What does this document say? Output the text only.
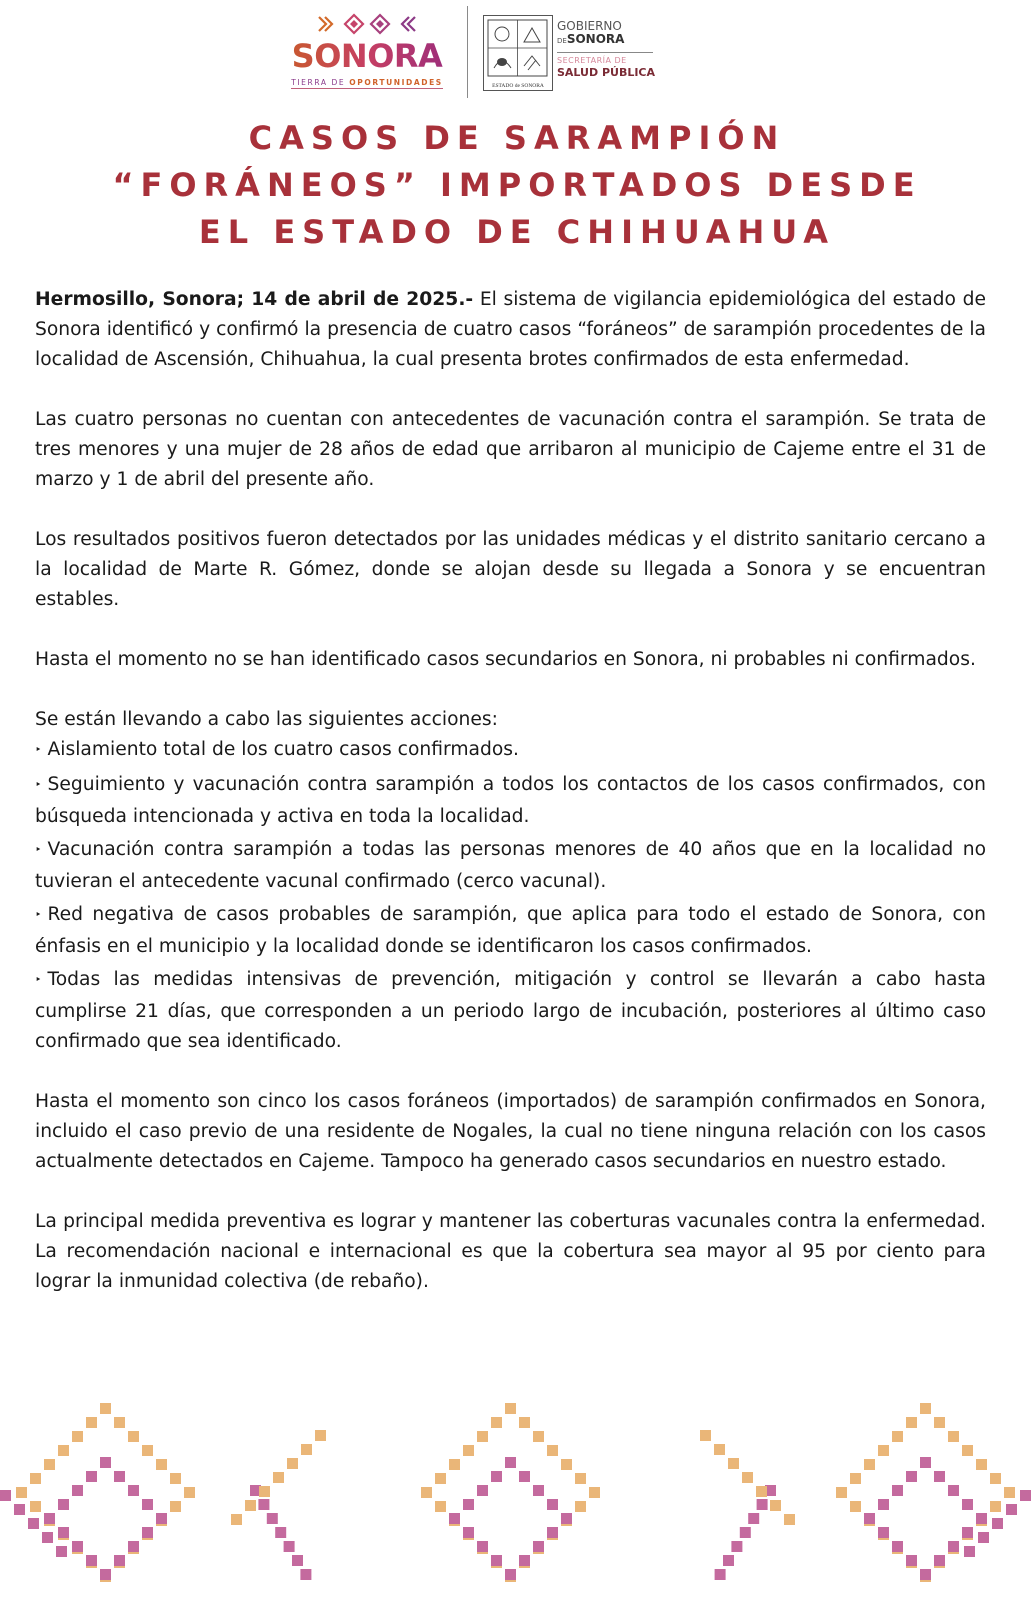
SONORA
TIERRA DE OPORTUNIDADES	ESTADO de SONORA
GOBIERNO
DESONORA
SECRETARÍA DE
SALUD PÚBLICA
CASOS DE SARAMPIÓN
“FORÁNEOS” IMPORTADOS DESDE
EL ESTADO DE CHIHUAHUA

Hermosillo, Sonora; 14 de abril de 2025.- El sistema de vigilancia epidemiológica del estado de Sonora identificó y confirmó la presencia de cuatro casos “foráneos” de sarampión procedentes de la localidad de Ascensión, Chihuahua, la cual presenta brotes confirmados de esta enfermedad.

Las cuatro personas no cuentan con antecedentes de vacunación contra el sarampión. Se trata de tres menores y una mujer de 28 años de edad que arribaron al municipio de Cajeme entre el 31 de marzo y 1 de abril del presente año.

Los resultados positivos fueron detectados por las unidades médicas y el distrito sanitario cercano a la localidad de Marte R. Gómez, donde se alojan desde su llegada a Sonora y se encuentran estables.

Hasta el momento no se han identificado casos secundarios en Sonora, ni probables ni confirmados.

Se están llevando a cabo las siguientes acciones:

‣ Aislamiento total de los cuatro casos confirmados.

‣ Seguimiento y vacunación contra sarampión a todos los contactos de los casos confirmados, con búsqueda intencionada y activa en toda la localidad.

‣ Vacunación contra sarampión a todas las personas menores de 40 años que en la localidad no tuvieran el antecedente vacunal confirmado (cerco vacunal).

‣ Red negativa de casos probables de sarampión, que aplica para todo el estado de Sonora, con énfasis en el municipio y la localidad donde se identificaron los casos confirmados.

‣ Todas las medidas intensivas de prevención, mitigación y control se llevarán a cabo hasta cumplirse 21 días, que corresponden a un periodo largo de incubación, posteriores al último caso confirmado que sea identificado.

Hasta el momento son cinco los casos foráneos (importados) de sarampión confirmados en Sonora, incluido el caso previo de una residente de Nogales, la cual no tiene ninguna relación con los casos actualmente detectados en Cajeme. Tampoco ha generado casos secundarios en nuestro estado.

La principal medida preventiva es lograr y mantener las coberturas vacunales contra la enfermedad. La recomendación nacional e internacional es que la cobertura sea mayor al 95 por ciento para lograr la inmunidad colectiva (de rebaño).
